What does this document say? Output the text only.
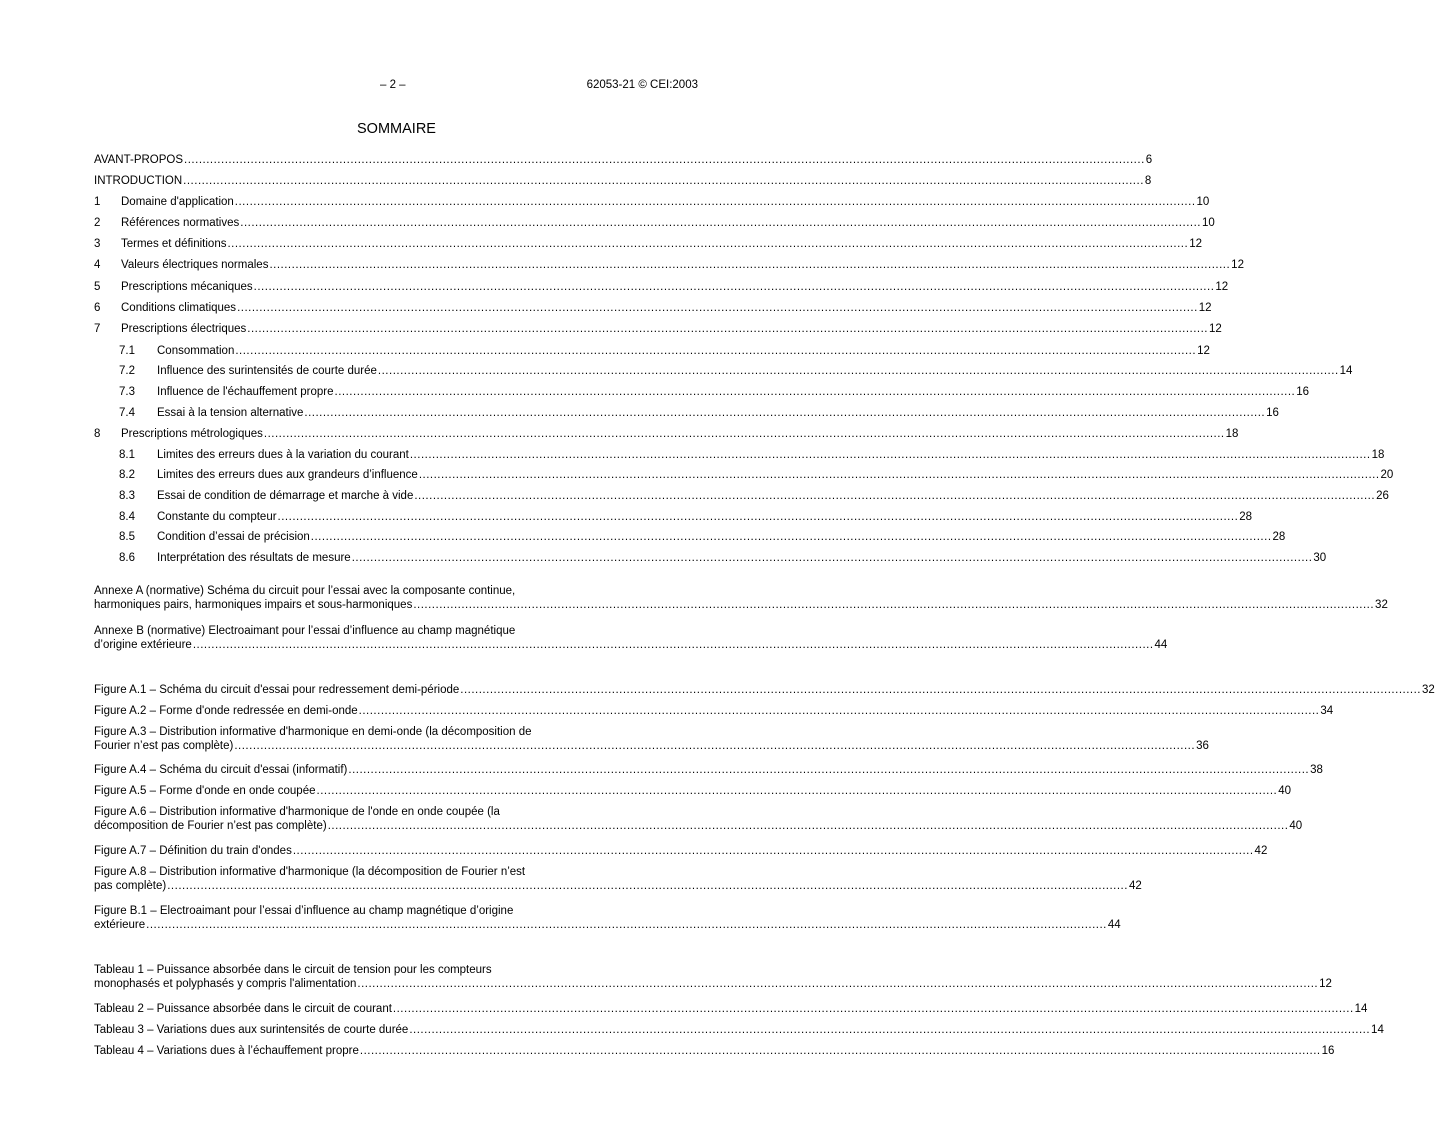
– 2 –	62053-21 © CEI:2003
SOMMAIRE
AVANT-PROPOS .................................................................................................................................................................................................................................................................... 6
INTRODUCTION .................................................................................................................................................................................................................................................................... 8
1 Domaine d'application .................................................................................................................................................................................................................................................................... 10
2 Références normatives .................................................................................................................................................................................................................................................................... 10
3 Termes et définitions .................................................................................................................................................................................................................................................................... 12
4 Valeurs électriques normales .................................................................................................................................................................................................................................................................... 12
5 Prescriptions mécaniques .................................................................................................................................................................................................................................................................... 12
6 Conditions climatiques .................................................................................................................................................................................................................................................................... 12
7 Prescriptions électriques .................................................................................................................................................................................................................................................................... 12
7.1 Consommation .................................................................................................................................................................................................................................................................... 12
7.2 Influence des surintensités de courte durée .................................................................................................................................................................................................................................................................... 14
7.3 Influence de l'échauffement propre .................................................................................................................................................................................................................................................................... 16
7.4 Essai à la tension alternative .................................................................................................................................................................................................................................................................... 16
8 Prescriptions métrologiques .................................................................................................................................................................................................................................................................... 18
8.1 Limites des erreurs dues à la variation du courant .................................................................................................................................................................................................................................................................... 18
8.2 Limites des erreurs dues aux grandeurs d’influence .................................................................................................................................................................................................................................................................... 20
8.3 Essai de condition de démarrage et marche à vide .................................................................................................................................................................................................................................................................... 26
8.4 Constante du compteur .................................................................................................................................................................................................................................................................... 28
8.5 Condition d’essai de précision .................................................................................................................................................................................................................................................................... 28
8.6 Interprétation des résultats de mesure .................................................................................................................................................................................................................................................................... 30
Annexe A (normative) Schéma du circuit pour l’essai avec la composante continue,
harmoniques pairs, harmoniques impairs et sous-harmoniques .................................................................................................................................................................................................................................................................... 32
Annexe B (normative) Electroaimant pour l’essai d’influence au champ magnétique
d’origine extérieure .................................................................................................................................................................................................................................................................... 44
Figure A.1 – Schéma du circuit d'essai pour redressement demi-période .................................................................................................................................................................................................................................................................... 32
Figure A.2 – Forme d'onde redressée en demi-onde .................................................................................................................................................................................................................................................................... 34
Figure A.3 – Distribution informative d'harmonique en demi-onde (la décomposition de
Fourier n’est pas complète) .................................................................................................................................................................................................................................................................... 36
Figure A.4 – Schéma du circuit d'essai (informatif) .................................................................................................................................................................................................................................................................... 38
Figure A.5 – Forme d'onde en onde coupée .................................................................................................................................................................................................................................................................... 40
Figure A.6 – Distribution informative d'harmonique de l'onde en onde coupée (la
décomposition de Fourier n’est pas complète) .................................................................................................................................................................................................................................................................... 40
Figure A.7 – Définition du train d'ondes .................................................................................................................................................................................................................................................................... 42
Figure A.8 – Distribution informative d'harmonique (la décomposition de Fourier n’est
pas complète) .................................................................................................................................................................................................................................................................... 42
Figure B.1 – Electroaimant pour l’essai d’influence au champ magnétique d’origine
extérieure .................................................................................................................................................................................................................................................................... 44
Tableau 1 – Puissance absorbée dans le circuit de tension pour les compteurs
monophasés et polyphasés y compris l'alimentation .................................................................................................................................................................................................................................................................... 12
Tableau 2 – Puissance absorbée dans le circuit de courant .................................................................................................................................................................................................................................................................... 14
Tableau 3 – Variations dues aux surintensités de courte durée .................................................................................................................................................................................................................................................................... 14
Tableau 4 – Variations dues à l’échauffement propre .................................................................................................................................................................................................................................................................... 16
